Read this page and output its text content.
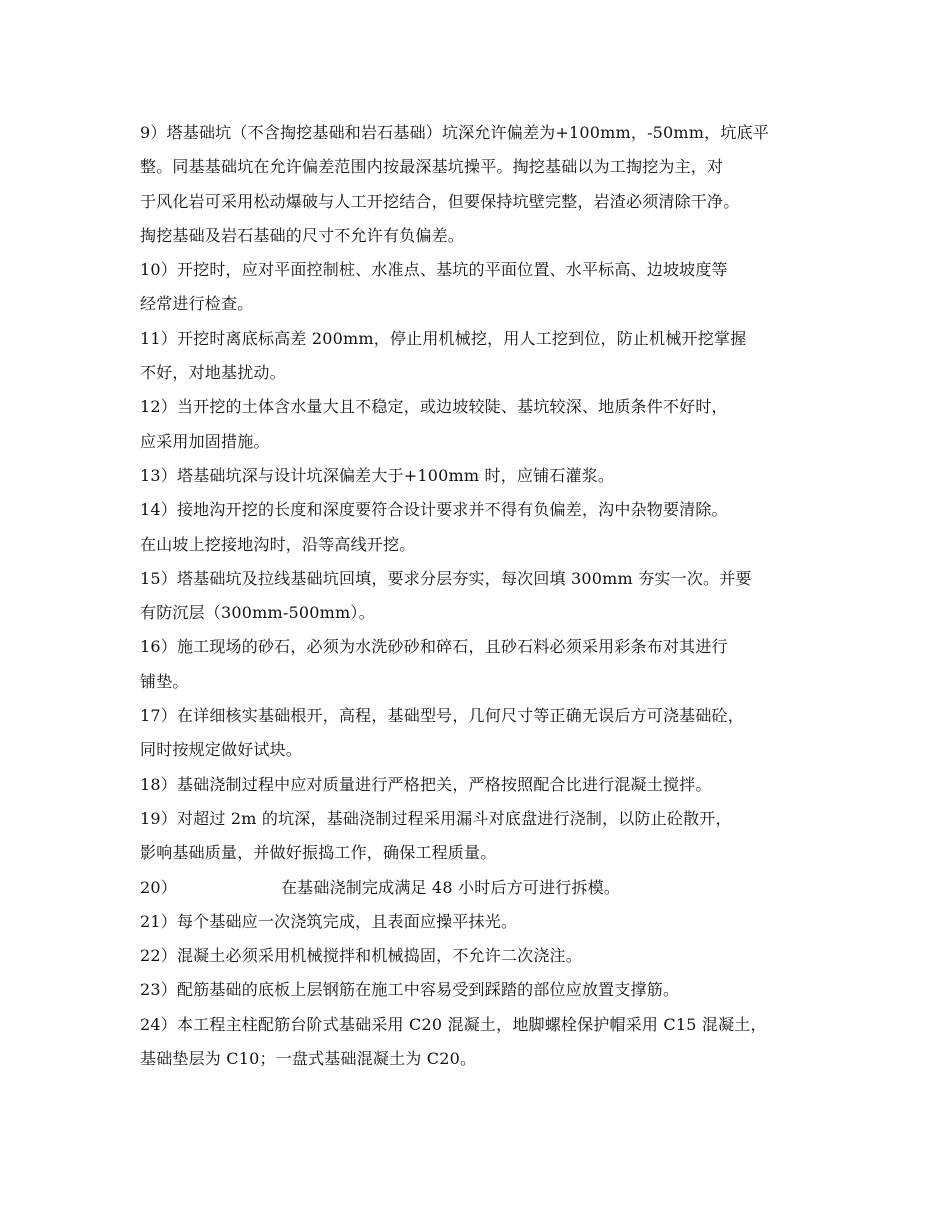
9）塔基础坑（不含掏挖基础和岩石基础）坑深允许偏差为+100mm，-50mm，坑底平
整。同基基础坑在允许偏差范围内按最深基坑操平。掏挖基础以为工掏挖为主，对
于风化岩可采用松动爆破与人工开挖结合，但要保持坑壁完整，岩渣必须清除干净。
掏挖基础及岩石基础的尺寸不允许有负偏差。
10）开挖时，应对平面控制桩、水准点、基坑的平面位置、水平标高、边坡坡度等
经常进行检查。
11）开挖时离底标高差 200mm，停止用机械挖，用人工挖到位，防止机械开挖掌握
不好，对地基扰动。
12）当开挖的土体含水量大且不稳定，或边坡较陡、基坑较深、地质条件不好时，
应采用加固措施。
13）塔基础坑深与设计坑深偏差大于+100mm 时，应铺石灌浆。
14）接地沟开挖的长度和深度要符合设计要求并不得有负偏差，沟中杂物要清除。
在山坡上挖接地沟时，沿等高线开挖。
15）塔基础坑及拉线基础坑回填，要求分层夯实，每次回填 300mm 夯实一次。并要
有防沉层（300mm-500mm）。
16）施工现场的砂石，必须为水洗砂砂和碎石，且砂石料必须采用彩条布对其进行
铺垫。
17）在详细核实基础根开，高程，基础型号，几何尺寸等正确无误后方可浇基础砼，
同时按规定做好试块。
18）基础浇制过程中应对质量进行严格把关，严格按照配合比进行混凝土搅拌。
19）对超过 2m 的坑深，基础浇制过程采用漏斗对底盘进行浇制，以防止砼散开，
影响基础质量，并做好振捣工作，确保工程质量。
20）	在基础浇制完成满足 48 小时后方可进行拆模。
21）每个基础应一次浇筑完成，且表面应操平抹光。
22）混凝土必须采用机械搅拌和机械捣固，不允许二次浇注。
23）配筋基础的底板上层钢筋在施工中容易受到踩踏的部位应放置支撑筋。
24）本工程主柱配筋台阶式基础采用 C20 混凝土，地脚螺栓保护帽采用 C15 混凝土，
基础垫层为 C10；一盘式基础混凝土为 C20。
